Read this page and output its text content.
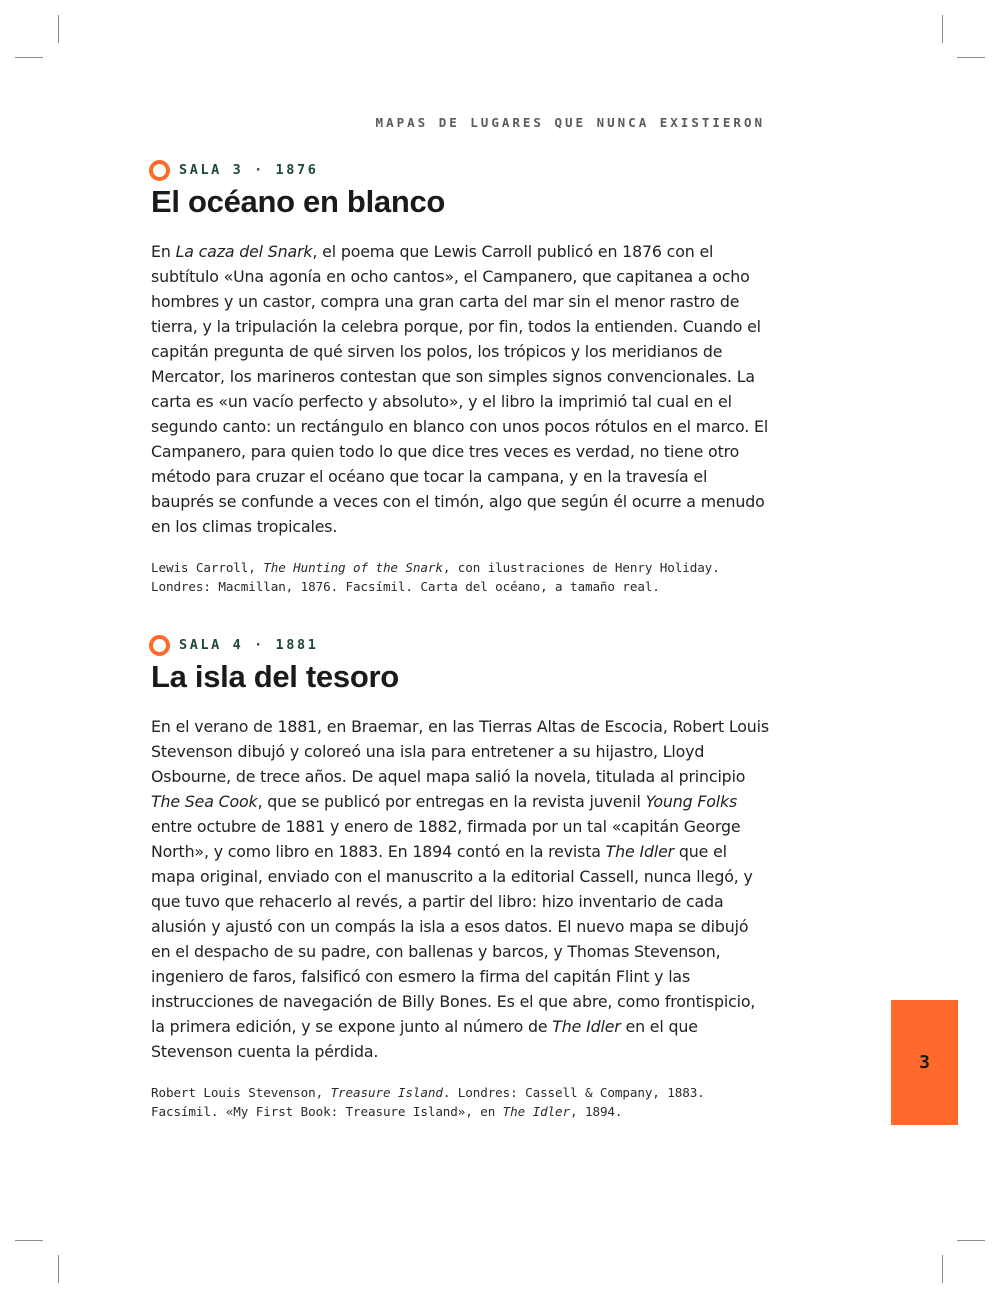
MAPAS DE LUGARES QUE NUNCA EXISTIERON
SALA 3 · 1876
El océano en blanco
En La caza del Snark, el poema que Lewis Carroll publicó en 1876 con el subtítulo «Una agonía en ocho cantos», el Campanero, que capitanea a ocho hombres y un castor, compra una gran carta del mar sin el menor rastro de tierra, y la tripulación la celebra porque, por fin, todos la entienden. Cuando el capitán pregunta de qué sirven los polos, los trópicos y los meridianos de Mercator, los marineros contestan que son simples signos convencionales. La carta es «un vacío perfecto y absoluto», y el libro la imprimió tal cual en el segundo canto: un rectángulo en blanco con unos pocos rótulos en el marco. El Campanero, para quien todo lo que dice tres veces es verdad, no tiene otro método para cruzar el océano que tocar la campana, y en la travesía el bauprés se confunde a veces con el timón, algo que según él ocurre a menudo en los climas tropicales.
Lewis Carroll, The Hunting of the Snark, con ilustraciones de Henry Holiday.
Londres: Macmillan, 1876. Facsímil. Carta del océano, a tamaño real.
SALA 4 · 1881
La isla del tesoro
En el verano de 1881, en Braemar, en las Tierras Altas de Escocia, Robert Louis Stevenson dibujó y coloreó una isla para entretener a su hijastro, Lloyd Osbourne, de trece años. De aquel mapa salió la novela, titulada al principio The Sea Cook, que se publicó por entregas en la revista juvenil Young Folks entre octubre de 1881 y enero de 1882, firmada por un tal «capitán George North», y como libro en 1883. En 1894 contó en la revista The Idler que el mapa original, enviado con el manuscrito a la editorial Cassell, nunca llegó, y que tuvo que rehacerlo al revés, a partir del libro: hizo inventario de cada alusión y ajustó con un compás la isla a esos datos. El nuevo mapa se dibujó en el despacho de su padre, con ballenas y barcos, y Thomas Stevenson, ingeniero de faros, falsificó con esmero la firma del capitán Flint y las instrucciones de navegación de Billy Bones. Es el que abre, como frontispicio, la primera edición, y se expone junto al número de The Idler en el que Stevenson cuenta la pérdida.
Robert Louis Stevenson, Treasure Island. Londres: Cassell & Company, 1883.
Facsímil. «My First Book: Treasure Island», en The Idler, 1894.
3
